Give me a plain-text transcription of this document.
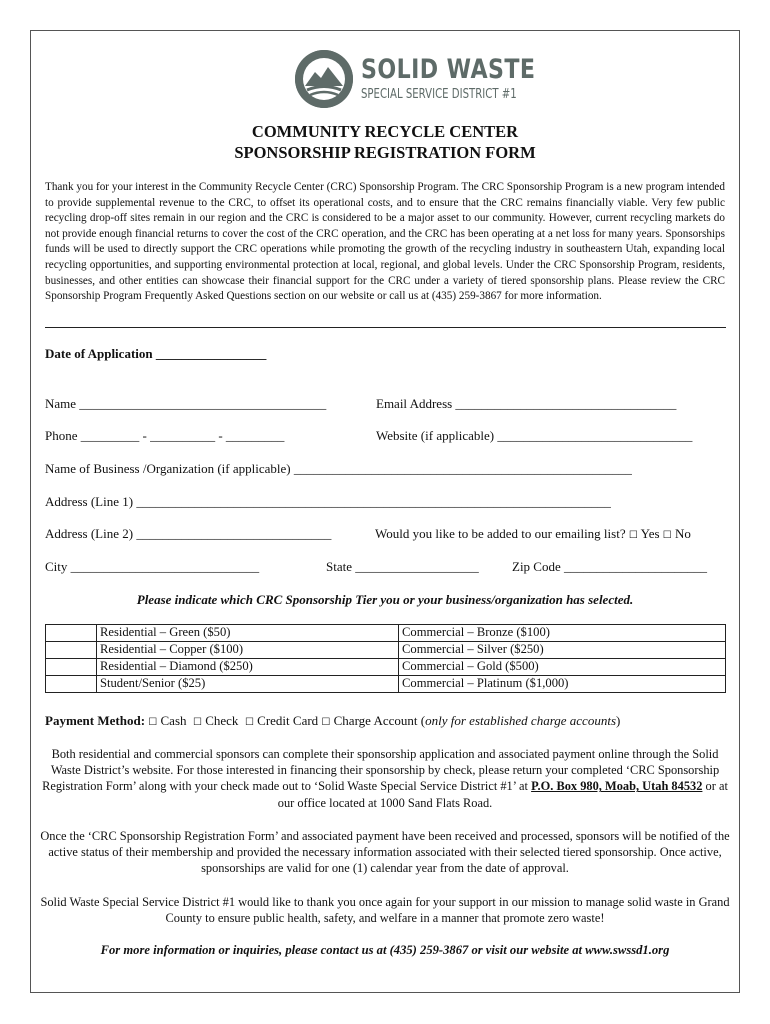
SOLID WASTE
SPECIAL SERVICE DISTRICT #1
COMMUNITY RECYCLE CENTER
SPONSORSHIP REGISTRATION FORM
Thank you for your interest in the Community Recycle Center (CRC) Sponsorship Program. The CRC Sponsorship Program is a new program intended to provide supplemental revenue to the CRC, to offset its operational costs, and to ensure that the CRC remains financially viable. Very few public recycling drop-off sites remain in our region and the CRC is considered to be a major asset to our community. However, current recycling markets do not provide enough financial returns to cover the cost of the CRC operation, and the CRC has been operating at a net loss for many years. Sponsorships funds will be used to directly support the CRC operations while promoting the growth of the recycling industry in southeastern Utah, expanding local recycling opportunities, and supporting environmental protection at local, regional, and global levels. Under the CRC Sponsorship Program, residents, businesses, and other entities can showcase their financial support for the CRC under a variety of tiered sponsorship plans. Please review the CRC Sponsorship Program Frequently Asked Questions section on our website or call us at (435) 259-3867 for more information.
Date of Application _________________
Name ______________________________________	Email Address __________________________________
Phone _________ - __________ - _________	Website (if applicable) ______________________________
Name of Business /Organization (if applicable) ____________________________________________________
Address (Line 1) _________________________________________________________________________
Address (Line 2) ______________________________	Would you like to be added to our emailing list? ☐ Yes ☐ No
City _____________________________	State ___________________	Zip Code ______________________
Please indicate which CRC Sponsorship Tier you or your business/organization has selected.
	Residential – Green ($50)	Commercial – Bronze ($100)
	Residential – Copper ($100)	Commercial – Silver ($250)
	Residential – Diamond ($250)	Commercial – Gold ($500)
	Student/Senior ($25)	Commercial – Platinum ($1,000)
Payment Method: ☐ Cash ☐ Check ☐ Credit Card ☐ Charge Account (only for established charge accounts)
Both residential and commercial sponsors can complete their sponsorship application and associated payment online through the Solid Waste District’s website. For those interested in financing their sponsorship by check, please return your completed ‘CRC Sponsorship Registration Form’ along with your check made out to ‘Solid Waste Special Service District #1’ at P.O. Box 980, Moab, Utah 84532 or at our office located at 1000 Sand Flats Road.
Once the ‘CRC Sponsorship Registration Form’ and associated payment have been received and processed, sponsors will be notified of the active status of their membership and provided the necessary information associated with their selected tiered sponsorship. Once active, sponsorships are valid for one (1) calendar year from the date of approval.
Solid Waste Special Service District #1 would like to thank you once again for your support in our mission to manage solid waste in Grand County to ensure public health, safety, and welfare in a manner that promote zero waste!
For more information or inquiries, please contact us at (435) 259-3867 or visit our website at www.swssd1.org
